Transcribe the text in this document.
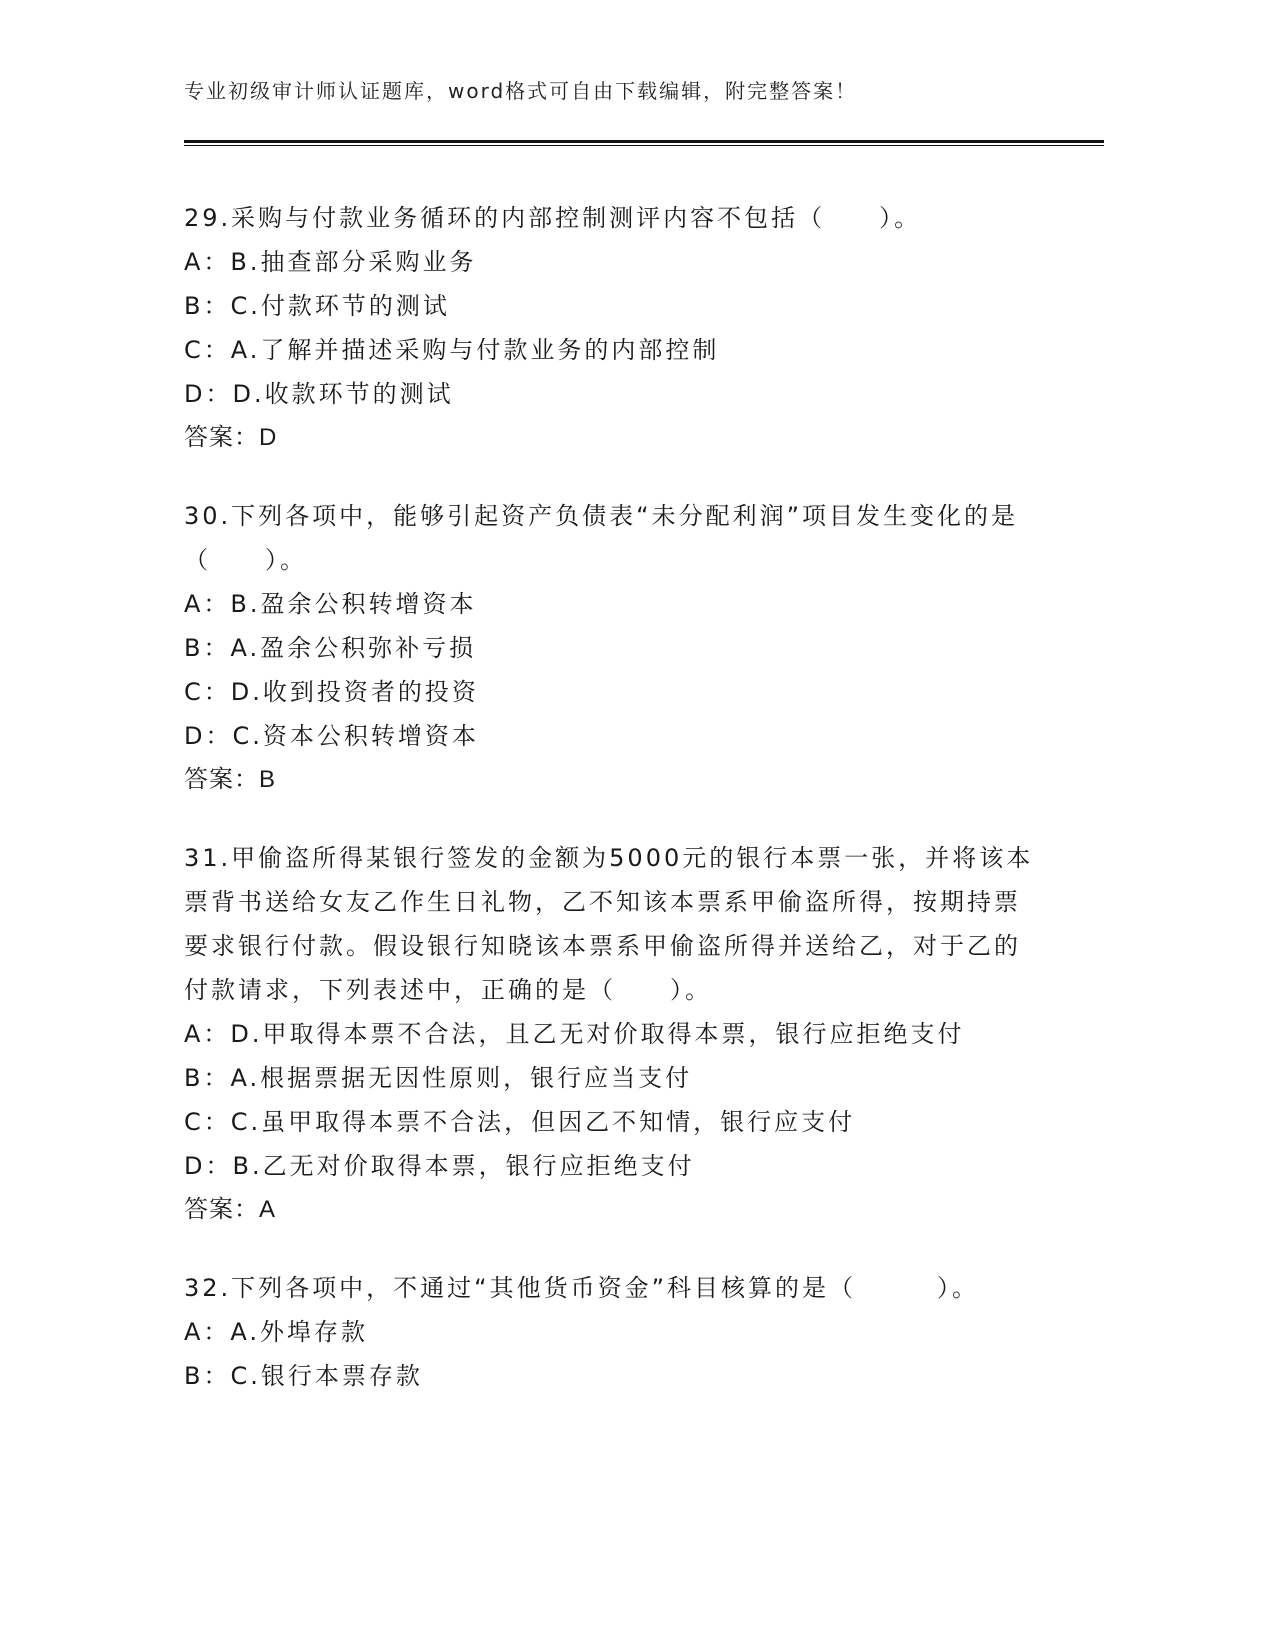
专业初级审计师认证题库，word格式可自由下载编辑，附完整答案！

29.采购与付款业务循环的内部控制测评内容不包括（　　）。

A：B.抽查部分采购业务

B：C.付款环节的测试

C：A.了解并描述采购与付款业务的内部控制

D：D.收款环节的测试

答案：D

30.下列各项中，能够引起资产负债表“未分配利润”项目发生变化的是（　　）。

A：B.盈余公积转增资本

B：A.盈余公积弥补亏损

C：D.收到投资者的投资

D：C.资本公积转增资本

答案：B

31.甲偷盗所得某银行签发的金额为5000元的银行本票一张，并将该本票背书送给女友乙作生日礼物，乙不知该本票系甲偷盗所得，按期持票要求银行付款。假设银行知晓该本票系甲偷盗所得并送给乙，对于乙的付款请求，下列表述中，正确的是（　　）。

A：D.甲取得本票不合法，且乙无对价取得本票，银行应拒绝支付

B：A.根据票据无因性原则，银行应当支付

C：C.虽甲取得本票不合法，但因乙不知情，银行应支付

D：B.乙无对价取得本票，银行应拒绝支付

答案：A

32.下列各项中，不通过“其他货币资金”科目核算的是（　　　）。

A：A.外埠存款

B：C.银行本票存款
